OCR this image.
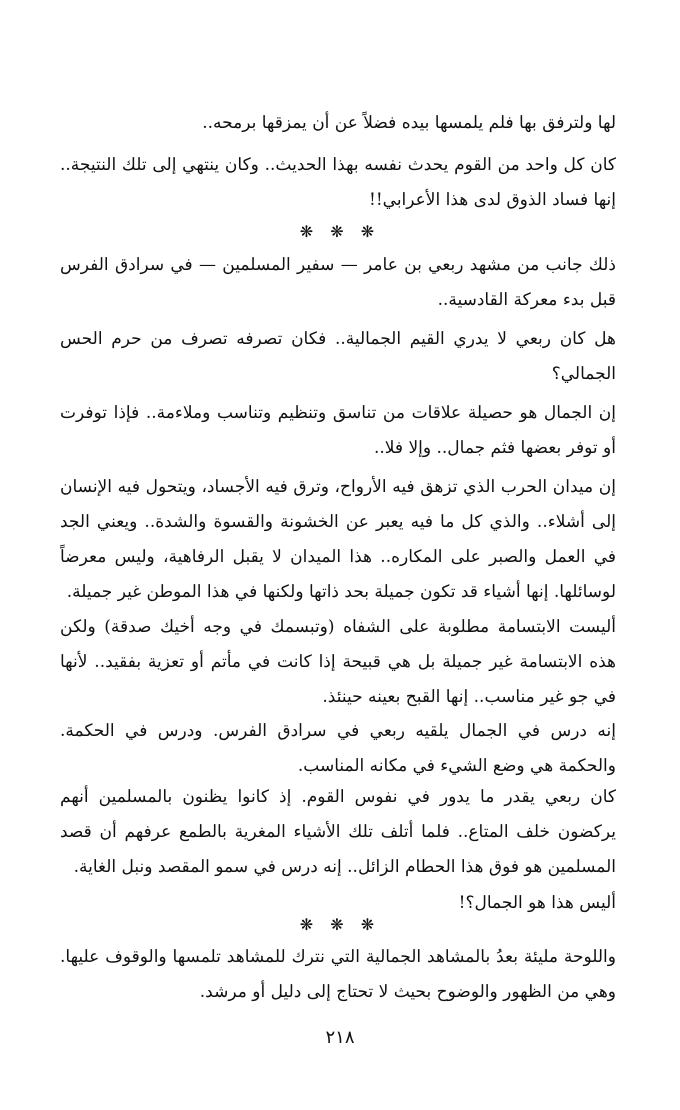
لها ولترفق بها فلم يلمسها بيده فضلاً عن أن يمزقها برمحه..
كان كل واحد من القوم يحدث نفسه بهذا الحديث.. وكان ينتهي إلى تلك النتيجة.. إنها فساد الذوق لدى هذا الأعرابي!!
❋ ❋ ❋
ذلك جانب من مشهد ربعي بن عامر — سفير المسلمين — في سرادق الفرس قبل بدء معركة القادسية..
هل كان ربعي لا يدري القيم الجمالية.. فكان تصرفه تصرف من حرم الحس الجمالي؟
إن الجمال هو حصيلة علاقات من تناسق وتنظيم وتناسب وملاءمة.. فإذا توفرت أو توفر بعضها فثم جمال.. وإلا فلا..
إن ميدان الحرب الذي تزهق فيه الأرواح، وترق فيه الأجساد، ويتحول فيه الإنسان إلى أشلاء.. والذي كل ما فيه يعبر عن الخشونة والقسوة والشدة.. ويعني الجد في العمل والصبر على المكاره.. هذا الميدان لا يقبل الرفاهية، وليس معرضاً لوسائلها. إنها أشياء قد تكون جميلة بحد ذاتها ولكنها في هذا الموطن غير جميلة.
أليست الابتسامة مطلوبة على الشفاه (وتبسمك في وجه أخيك صدقة) ولكن هذه الابتسامة غير جميلة بل هي قبيحة إذا كانت في مأتم أو تعزية بفقيد.. لأنها في جو غير مناسب.. إنها القبح بعينه حينئذ.
إنه درس في الجمال يلقيه ربعي في سرادق الفرس. ودرس في الحكمة. والحكمة هي وضع الشيء في مكانه المناسب.
كان ربعي يقدر ما يدور في نفوس القوم. إذ كانوا يظنون بالمسلمين أنهم يركضون خلف المتاع.. فلما أتلف تلك الأشياء المغرية بالطمع عرفهم أن قصد المسلمين هو فوق هذا الحطام الزائل.. إنه درس في سمو المقصد ونبل الغاية.
أليس هذا هو الجمال؟!
❋ ❋ ❋
واللوحة مليئة بعدُ بالمشاهد الجمالية التي نترك للمشاهد تلمسها والوقوف عليها. وهي من الظهور والوضوح بحيث لا تحتاج إلى دليل أو مرشد.
٢١٨
